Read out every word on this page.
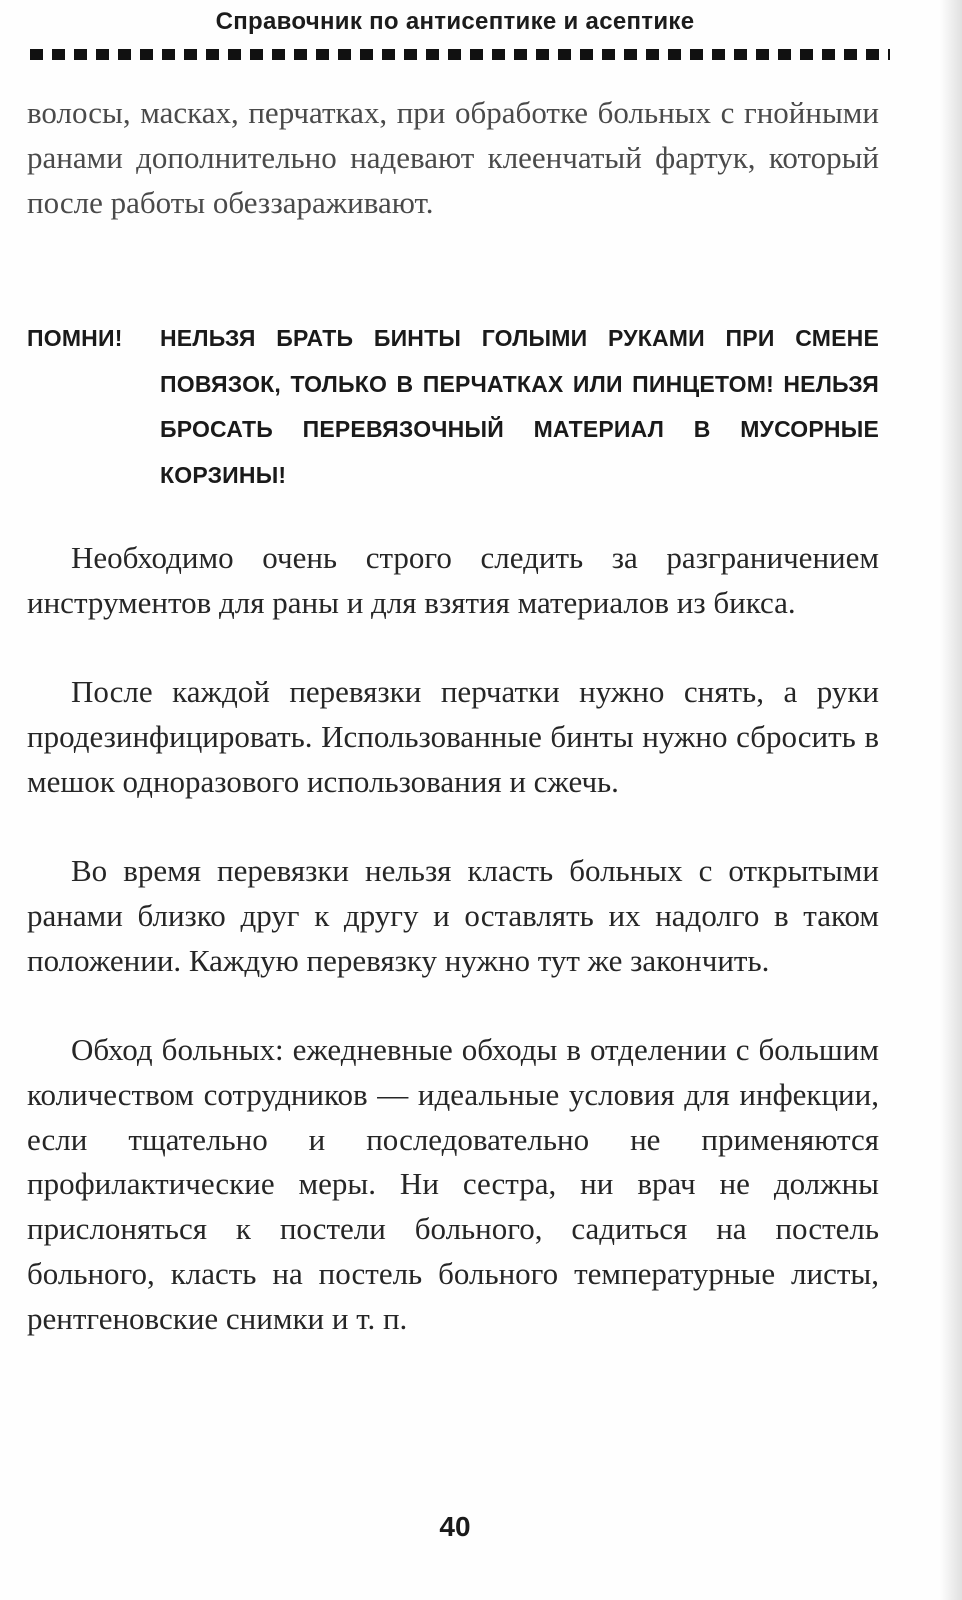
Справочник по антисептике и асептике

волосы, масках, перчатках, при обработке больных с гнойными ранами дополнительно надевают клеенчатый фартук, который после работы обеззараживают.

ПОМНИ! НЕЛЬЗЯ БРАТЬ БИНТЫ ГОЛЫМИ РУКАМИ ПРИ СМЕНЕ ПОВЯЗОК, ТОЛЬКО В ПЕРЧАТКАХ ИЛИ ПИНЦЕТОМ! НЕЛЬЗЯ БРОСАТЬ ПЕРЕВЯЗОЧНЫЙ МАТЕРИАЛ В МУСОРНЫЕ КОРЗИНЫ!

Необходимо очень строго следить за разграничением инструментов для раны и для взятия материалов из бикса.

После каждой перевязки перчатки нужно снять, а руки продезинфицировать. Использованные бинты нужно сбросить в мешок одноразового использования и сжечь.

Во время перевязки нельзя класть больных с открытыми ранами близко друг к другу и оставлять их надолго в таком положении. Каждую перевязку нужно тут же закончить.

Обход больных: ежедневные обходы в отделении с большим количеством сотрудников — идеальные условия для инфекции, если тщательно и последовательно не применяются профилактические меры. Ни сестра, ни врач не должны прислоняться к постели больного, садиться на постель больного, класть на постель больного температурные листы, рентгеновские снимки и т. п.

40
